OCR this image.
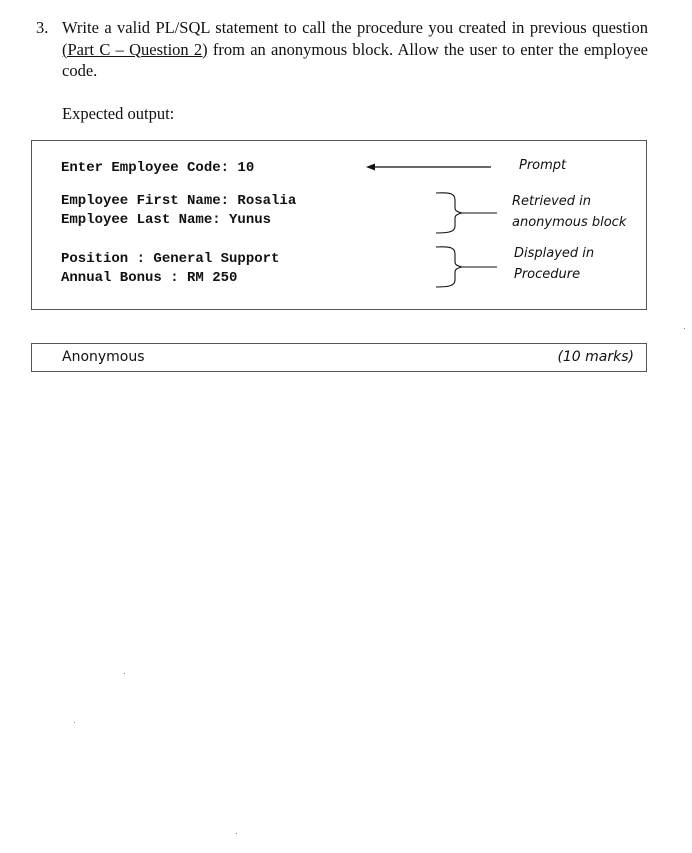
3. Write a valid PL/SQL statement to call the procedure you created in previous question (Part C – Question 2) from an anonymous block. Allow the user to enter the employee code.
Expected output:
Enter Employee Code: 10
Employee First Name: Rosalia
Employee Last Name: Yunus
Position : General Support
Annual Bonus : RM 250
Prompt
Retrieved in
anonymous block
Displayed in
Procedure
Anonymous	(10 marks)
